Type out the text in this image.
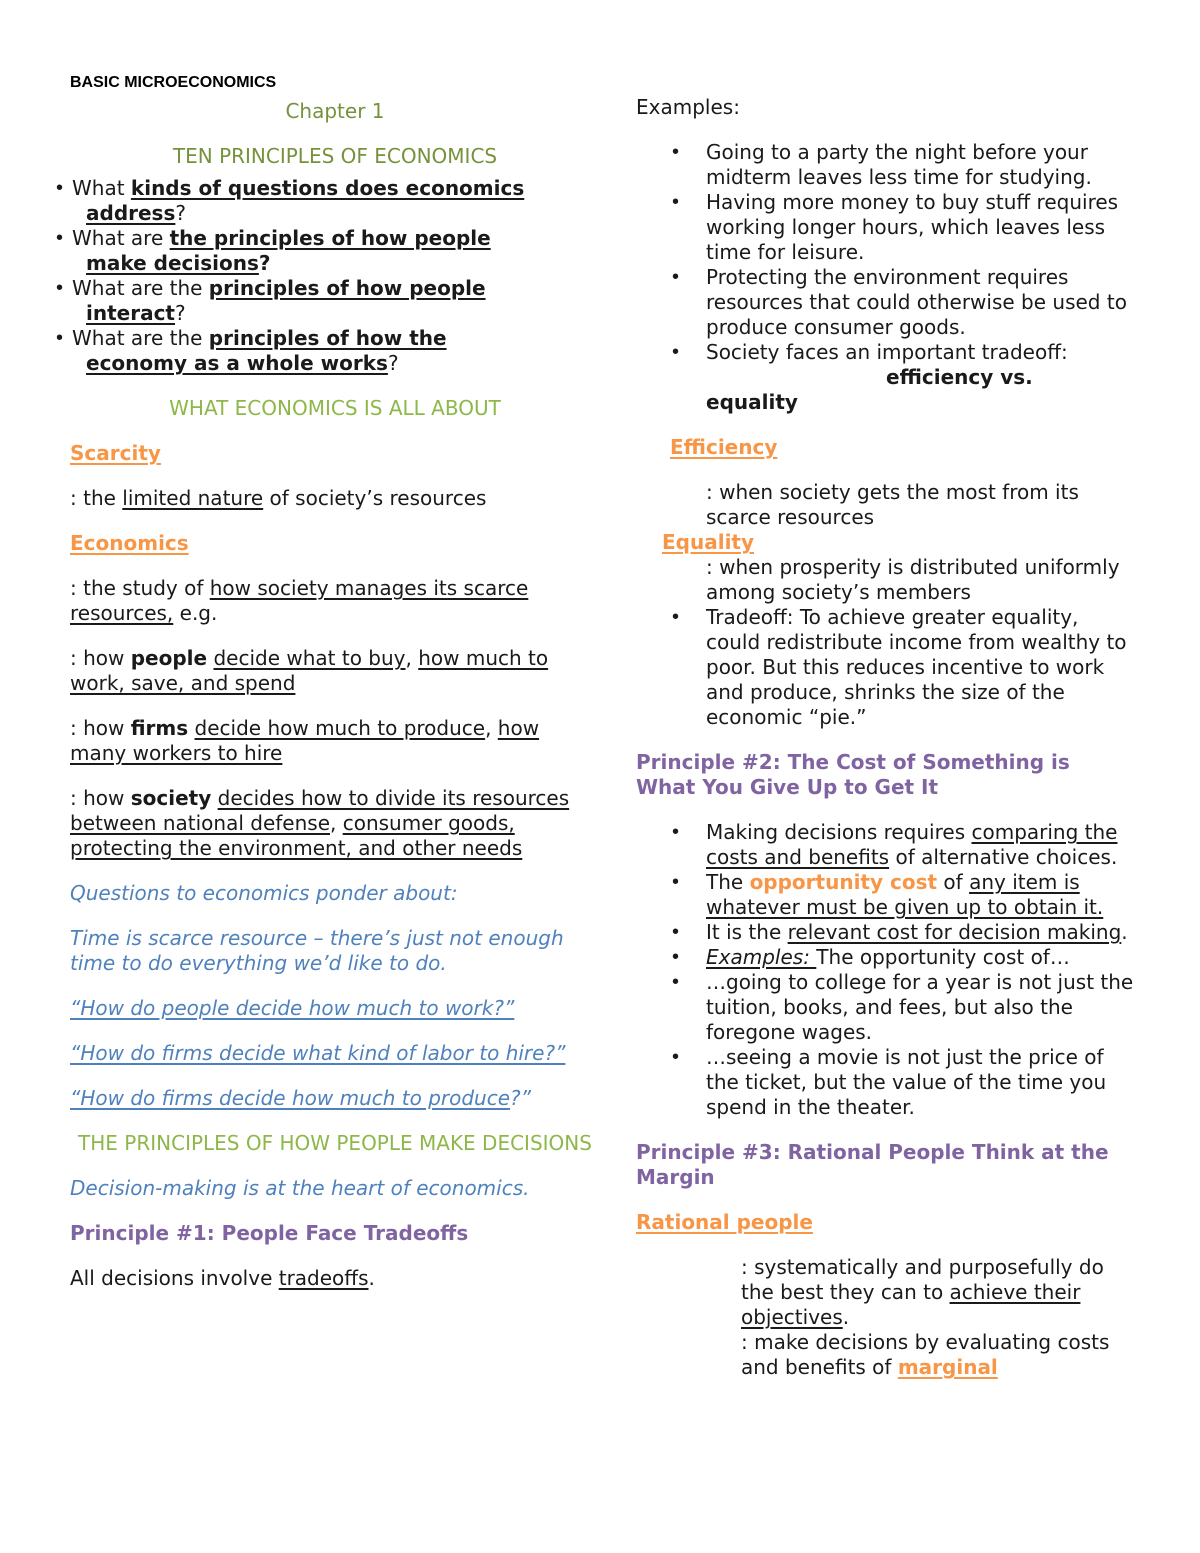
BASIC MICROECONOMICS

Chapter 1

TEN PRINCIPLES OF ECONOMICS

• What kinds of questions does economics
address?
• What are the principles of how people
make decisions?
• What are the principles of how people
interact?
• What are the principles of how the
economy as a whole works?

WHAT ECONOMICS IS ALL ABOUT

Scarcity

: the limited nature of society’s resources

Economics

: the study of how society manages its scarce resources, e.g.

: how people decide what to buy, how much to work, save, and spend

: how firms decide how much to produce, how many workers to hire

: how society decides how to divide its resources between national defense, consumer goods, protecting the environment, and other needs

Questions to economics ponder about:

Time is scarce resource – there’s just not enough time to do everything we’d like to do.

“How do people decide how much to work?”

“How do firms decide what kind of labor to hire?”

“How do firms decide how much to produce?”

THE PRINCIPLES OF HOW PEOPLE MAKE DECISIONS

Decision-making is at the heart of economics.

Principle #1: People Face Tradeoffs

All decisions involve tradeoffs.

Examples:

• Going to a party the night before your midterm leaves less time for studying.
• Having more money to buy stuff requires working longer hours, which leaves less time for leisure.
• Protecting the environment requires resources that could otherwise be used to produce consumer goods.
• Society faces an important tradeoff:
efficiency vs.
equality

Efficiency

: when society gets the most from its scarce resources

Equality

: when prosperity is distributed uniformly among society’s members

• Tradeoff: To achieve greater equality, could redistribute income from wealthy to poor. But this reduces incentive to work and produce, shrinks the size of the economic “pie.”

Principle #2: The Cost of Something is What You Give Up to Get It

• Making decisions requires comparing the costs and benefits of alternative choices.
• The opportunity cost of any item is whatever must be given up to obtain it.
• It is the relevant cost for decision making.
• Examples: The opportunity cost of…
• …going to college for a year is not just the tuition, books, and fees, but also the foregone wages.
• …seeing a movie is not just the price of the ticket, but the value of the time you spend in the theater.

Principle #3: Rational People Think at the Margin

Rational people

: systematically and purposefully do the best they can to achieve their objectives.

: make decisions by evaluating costs and benefits of marginal
